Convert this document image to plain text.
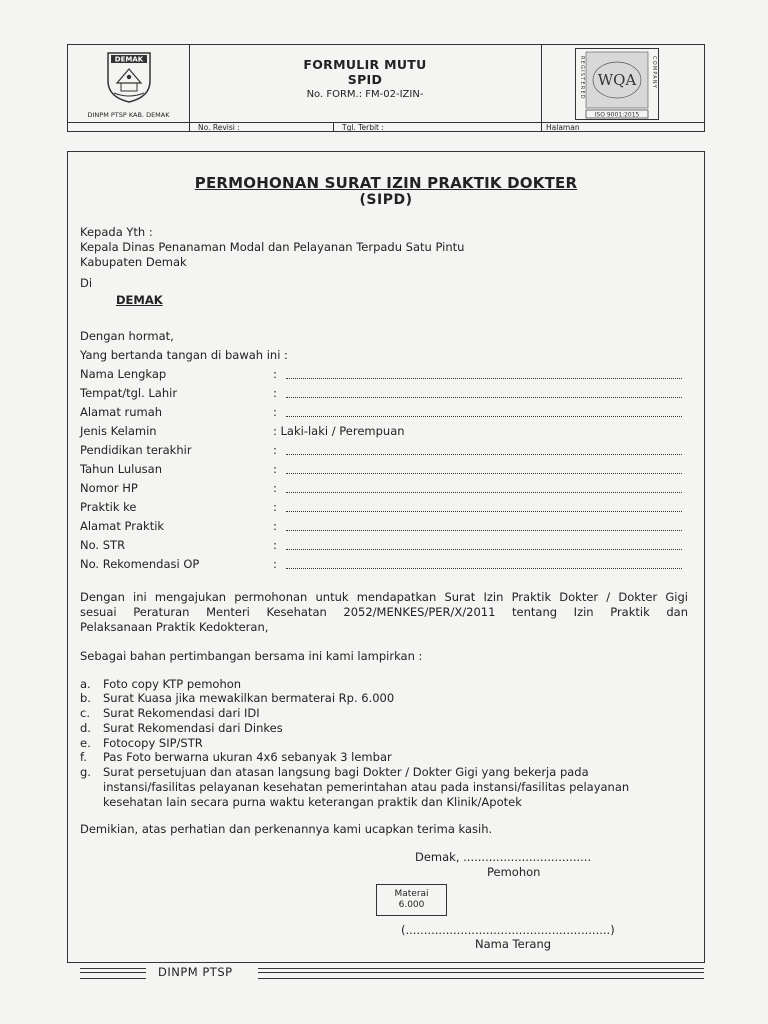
DEMAK
DINPM PTSP KAB. DEMAK
FORMULIR MUTU
SPID
No. FORM.: FM-02-IZIN-
WQA
REGISTERED	COMPANY
ISO 9001:2015
No. Revisi :	Tgl. Terbit :	Halaman
PERMOHONAN SURAT IZIN PRAKTIK DOKTER
(SIPD)
Kepada Yth :
Kepala Dinas Penanaman Modal dan Pelayanan Terpadu Satu Pintu
Kabupaten Demak
Di
DEMAK
Dengan hormat,
Yang bertanda tangan di bawah ini :
Nama Lengkap	:
Tempat/tgl. Lahir	:
Alamat rumah	:
Jenis Kelamin	: Laki-laki / Perempuan
Pendidikan terakhir	:
Tahun Lulusan	:
Nomor HP	:
Praktik ke	:
Alamat Praktik	:
No. STR	:
No. Rekomendasi OP	:
Dengan ini mengajukan permohonan untuk mendapatkan Surat Izin Praktik Dokter / Dokter Gigi
sesuai Peraturan Menteri Kesehatan 2052/MENKES/PER/X/2011 tentang Izin Praktik dan
Pelaksanaan Praktik Kedokteran,
Sebagai bahan pertimbangan bersama ini kami lampirkan :
a. Foto copy KTP pemohon
b. Surat Kuasa jika mewakilkan bermaterai Rp. 6.000
c. Surat Rekomendasi dari IDI
d. Surat Rekomendasi dari Dinkes
e. Fotocopy SIP/STR
f. Pas Foto berwarna ukuran 4x6 sebanyak 3 lembar
g. Surat persetujuan dan atasan langsung bagi Dokter / Dokter Gigi yang bekerja pada
instansi/fasilitas pelayanan kesehatan pemerintahan atau pada instansi/fasilitas pelayanan
kesehatan lain secara purna waktu keterangan praktik dan Klinik/Apotek
Demikian, atas perhatian dan perkenannya kami ucapkan terima kasih.
Demak, ...................................
Pemohon
Materai
6.000
(........................................................)
Nama Terang
DINPM PTSP
